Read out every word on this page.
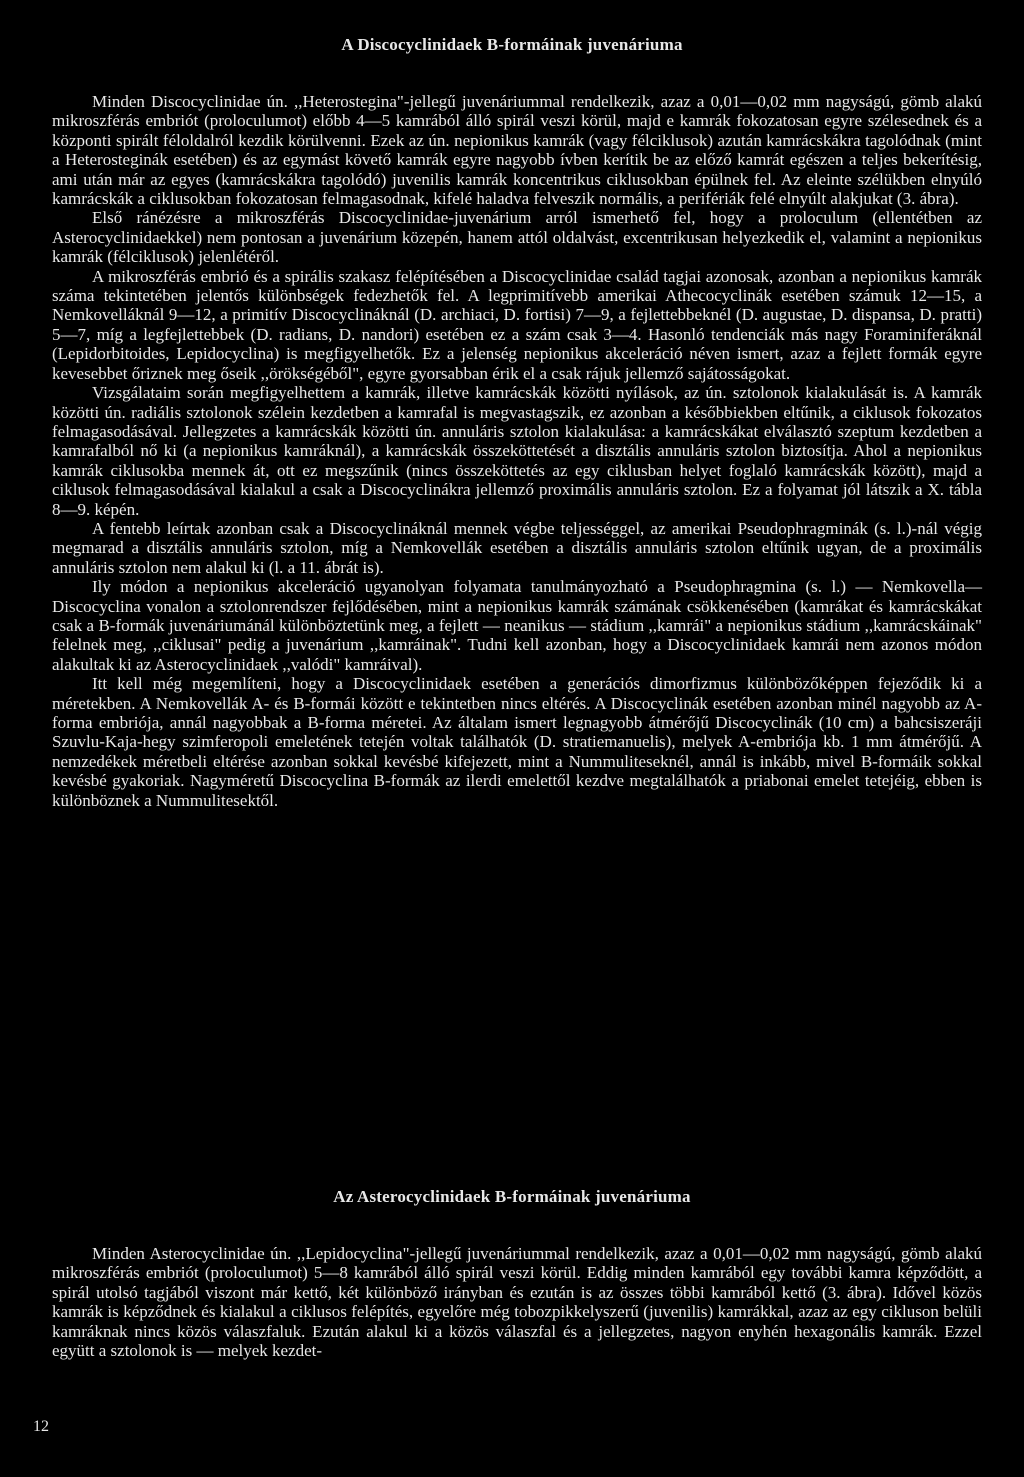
A Discocyclinidaek B-formáinak juvenáriuma

Minden Discocyclinidae ún. ,,Heterostegina"-jellegű juvenáriummal rendelkezik, azaz a 0,01—0,02 mm nagyságú, gömb alakú mikroszférás embriót (proloculumot) előbb 4—5 kamrából álló spirál veszi körül, majd e kamrák fokozatosan egyre szélesednek és a központi spirált féloldalról kezdik körülvenni. Ezek az ún. nepionikus kamrák (vagy félciklusok) azután kamrácskákra tagolódnak (mint a Heterosteginák esetében) és az egymást követő kamrák egyre nagyobb ívben kerítik be az előző kamrát egészen a teljes bekerítésig, ami után már az egyes (kamrácskákra tagolódó) juvenilis kamrák koncentrikus ciklusokban épülnek fel. Az eleinte szélükben elnyúló kamrácskák a ciklusokban fokozatosan felmagasodnak, kifelé haladva felveszik normális, a perifériák felé elnyúlt alakjukat (3. ábra).

Első ránézésre a mikroszférás Discocyclinidae-juvenárium arról ismerhető fel, hogy a proloculum (ellentétben az Asterocyclinidaekkel) nem pontosan a juvenárium közepén, hanem attól oldalvást, excentrikusan helyezkedik el, valamint a nepionikus kamrák (félciklusok) jelenlétéről.

A mikroszférás embrió és a spirális szakasz felépítésében a Discocyclinidae család tagjai azonosak, azonban a nepionikus kamrák száma tekintetében jelentős különbségek fedezhetők fel. A legprimitívebb amerikai Athecocyclinák esetében számuk 12—15, a Nemkovelláknál 9—12, a primitív Discocyclináknál (D. archiaci, D. fortisi) 7—9, a fejlettebbeknél (D. augustae, D. dispansa, D. pratti) 5—7, míg a legfejlettebbek (D. radians, D. nandori) esetében ez a szám csak 3—4. Hasonló tendenciák más nagy Foraminiferáknál (Lepidorbitoides, Lepidocyclina) is megfigyelhetők. Ez a jelenség nepionikus akceleráció néven ismert, azaz a fejlett formák egyre kevesebbet őriznek meg őseik ,,örökségéből", egyre gyorsabban érik el a csak rájuk jellemző sajátosságokat.

Vizsgálataim során megfigyelhettem a kamrák, illetve kamrácskák közötti nyílások, az ún. sztolonok kialakulását is. A kamrák közötti ún. radiális sztolonok szélein kezdetben a kamrafal is megvastagszik, ez azonban a későbbiekben eltűnik, a ciklusok fokozatos felmagasodásával. Jellegzetes a kamrácskák közötti ún. annuláris sztolon kialakulása: a kamrácskákat elválasztó szeptum kezdetben a kamrafalból nő ki (a nepionikus kamráknál), a kamrácskák összeköttetését a disztális annuláris sztolon biztosítja. Ahol a nepionikus kamrák ciklusokba mennek át, ott ez megszűnik (nincs összeköttetés az egy ciklusban helyet foglaló kamrácskák között), majd a ciklusok felmagasodásával kialakul a csak a Discocyclinákra jellemző proximális annuláris sztolon. Ez a folyamat jól látszik a X. tábla 8—9. képén.

A fentebb leírtak azonban csak a Discocyclináknál mennek végbe teljességgel, az amerikai Pseudophragminák (s. l.)-nál végig megmarad a disztális annuláris sztolon, míg a Nemkovellák esetében a disztális annuláris sztolon eltűnik ugyan, de a proximális annuláris sztolon nem alakul ki (l. a 11. ábrát is).

Ily módon a nepionikus akceleráció ugyanolyan folyamata tanulmányozható a Pseudophragmina (s. l.) — Nemkovella—Discocyclina vonalon a sztolonrendszer fejlődésében, mint a nepionikus kamrák számának csökkenésében (kamrákat és kamrácskákat csak a B-formák juvenáriumánál különböztetünk meg, a fejlett — neanikus — stádium ,,kamrái" a nepionikus stádium ,,kamrácskáinak" felelnek meg, ,,ciklusai" pedig a juvenárium ,,kamráinak". Tudni kell azonban, hogy a Discocyclinidaek kamrái nem azonos módon alakultak ki az Asterocyclinidaek ,,valódi" kamráival).

Itt kell még megemlíteni, hogy a Discocyclinidaek esetében a generációs dimorfizmus különbözőképpen fejeződik ki a méretekben. A Nemkovellák A- és B-formái között e tekintetben nincs eltérés. A Discocyclinák esetében azonban minél nagyobb az A-forma embriója, annál nagyobbak a B-forma méretei. Az általam ismert legnagyobb átmérőjű Discocyclinák (10 cm) a bahcsiszeráji Szuvlu-Kaja-hegy szimferopoli emeletének tetején voltak találhatók (D. stratiemanuelis), melyek A-embriója kb. 1 mm átmérőjű. A nemzedékek méretbeli eltérése azonban sokkal kevésbé kifejezett, mint a Nummuliteseknél, annál is inkább, mivel B-formáik sokkal kevésbé gyakoriak. Nagyméretű Discocyclina B-formák az ilerdi emelettől kezdve megtalálhatók a priabonai emelet tetejéig, ebben is különböznek a Nummulitesektől.

Az Asterocyclinidaek B-formáinak juvenáriuma

Minden Asterocyclinidae ún. ,,Lepidocyclina"-jellegű juvenáriummal rendelkezik, azaz a 0,01—0,02 mm nagyságú, gömb alakú mikroszférás embriót (proloculumot) 5—8 kamrából álló spirál veszi körül. Eddig minden kamrából egy további kamra képződött, a spirál utolsó tagjából viszont már kettő, két különböző irányban és ezután is az összes többi kamrából kettő (3. ábra). Idővel közös kamrák is képződnek és kialakul a ciklusos felépítés, egyelőre még tobozpikkelyszerű (juvenilis) kamrákkal, azaz az egy cikluson belüli kamráknak nincs közös válaszfaluk. Ezután alakul ki a közös válaszfal és a jellegzetes, nagyon enyhén hexagonális kamrák. Ezzel együtt a sztolonok is — melyek kezdet-

12
